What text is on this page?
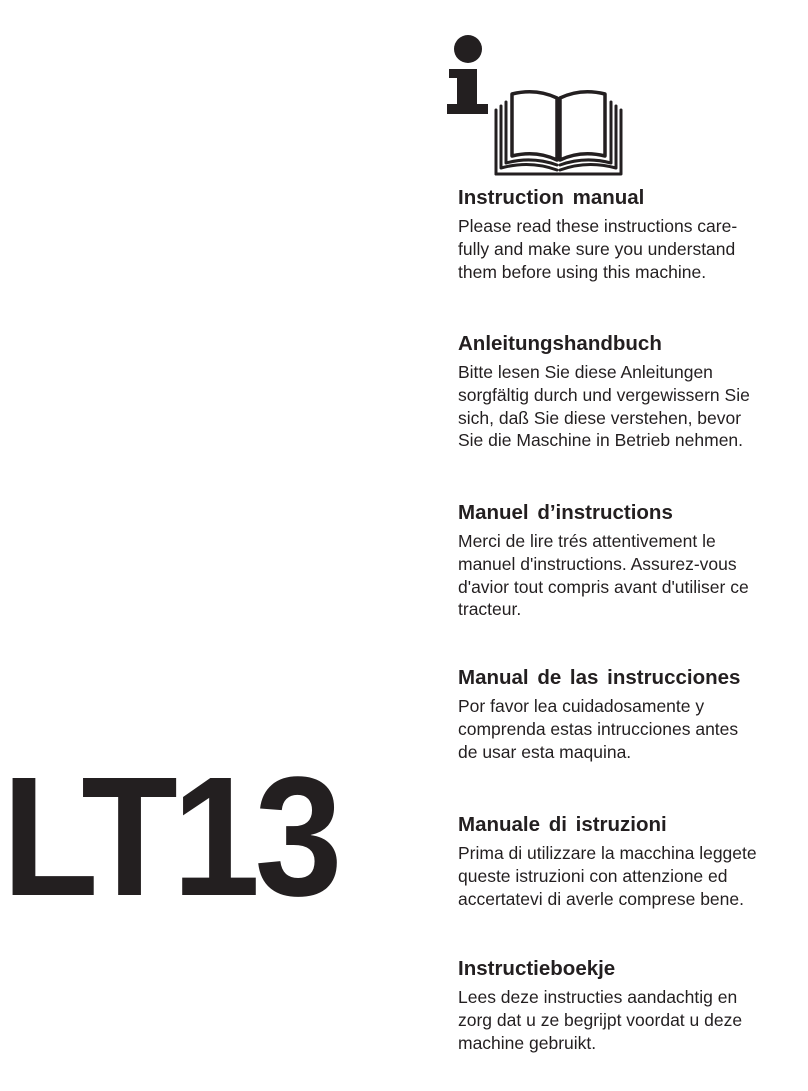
LT13
Instruction manual

Please read these instructions care-
fully and make sure you understand
them before using this machine.

Anleitungshandbuch

Bitte lesen Sie diese Anleitungen
sorgfältig durch und vergewissern Sie
sich, daß Sie diese verstehen, bevor
Sie die Maschine in Betrieb nehmen.

Manuel d’instructions

Merci de lire trés attentivement le
manuel d'instructions. Assurez-vous
d'avior tout compris avant d'utiliser ce
tracteur.

Manual de las instrucciones

Por favor lea cuidadosamente y
comprenda estas intrucciones antes
de usar esta maquina.

Manuale di istruzioni

Prima di utilizzare la macchina leggete
queste istruzioni con attenzione ed
accertatevi di averle comprese bene.

Instructieboekje

Lees deze instructies aandachtig en
zorg dat u ze begrijpt voordat u deze
machine gebruikt.
